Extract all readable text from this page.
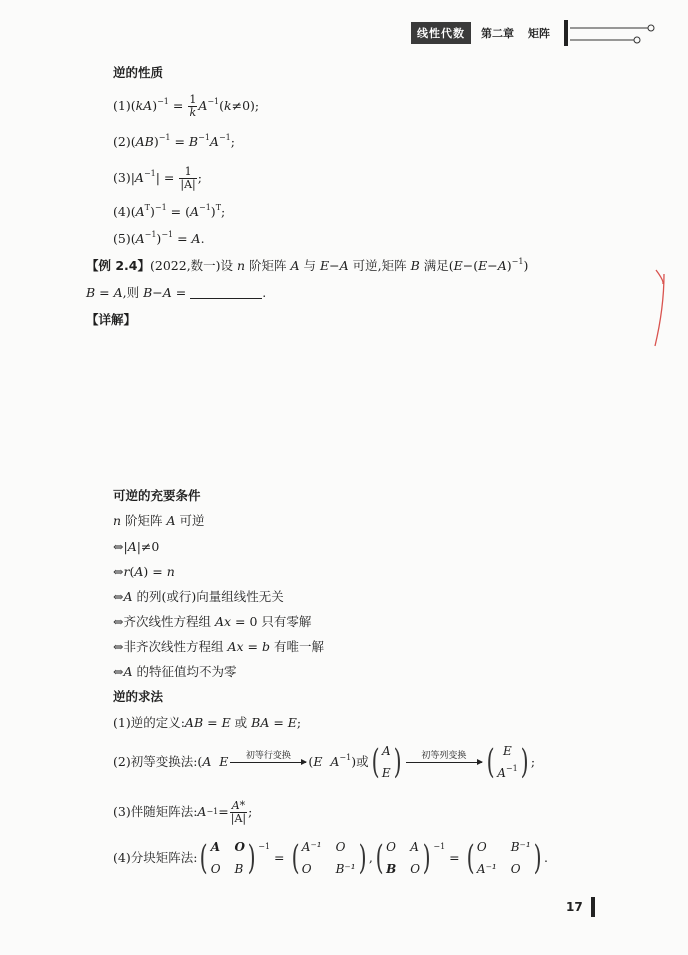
线性代数	第二章 矩阵
逆的性质
$(1)(kA)^{-1} = \frac{1}{k} A^{-1}(k\ne 0)$;
$(2)(AB)^{-1} = B^{-1}A^{-1}$;
$(3)|A^{-1}| = \frac{1}{|A|}$ ;
$(4)(A^T)^{-1} = (A^{-1})^T$;
$(5)(A^{-1})^{-1} = A$.
【例 2.4】(2022,数一)设 n 阶矩阵 A 与 E−A 可逆,矩阵 B 满足$(E-(E-A)^{-1})$
B = A,则 B−A =	.
【详解】
可逆的充要条件
n 阶矩阵 A 可逆
⇔|A|≠0
⇔r(A) = n
⇔A 的列(或行)向量组线性无关
⇔齐次线性方程组 Ax = 0 只有零解
⇔非齐次线性方程组 Ax = b 有唯一解
⇔A 的特征值均不为零
逆的求法
(1)逆的定义:AB = E 或 BA = E;
(2)初等变换法: (A E 初等行变换
(E $A^{-1}$) 或 ( A
E ) 初等列变换
( E
$A^{-1}$ ) ;
(3)伴随矩阵法: $A -1 = \frac{A*}{|A|}$ ;
(4)分块矩阵法: ( A O
O B ) −1
= ( A⁻¹ O
O	B⁻¹ ) , ( O A
B O ) −1
= ( O	B⁻¹
A⁻¹ O ) .
17
